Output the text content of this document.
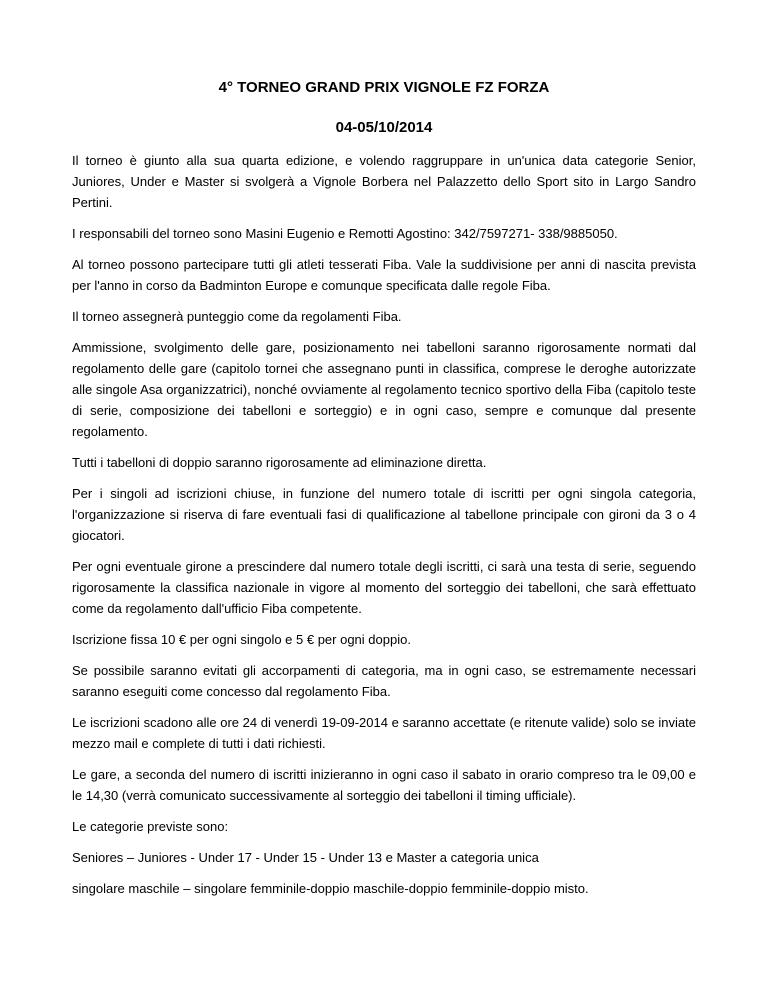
4° TORNEO GRAND PRIX VIGNOLE FZ FORZA
04-05/10/2014

Il torneo è giunto alla sua quarta edizione, e volendo raggruppare in un'unica data categorie Senior, Juniores, Under e Master si svolgerà a Vignole Borbera nel Palazzetto dello Sport sito in Largo Sandro Pertini.

I responsabili del torneo sono Masini Eugenio e Remotti Agostino: 342/7597271- 338/9885050.

Al torneo possono partecipare tutti gli atleti tesserati Fiba. Vale la suddivisione per anni di nascita prevista per l'anno in corso da Badminton Europe e comunque specificata dalle regole Fiba.

Il torneo assegnerà punteggio come da regolamenti Fiba.

Ammissione, svolgimento delle gare, posizionamento nei tabelloni saranno rigorosamente normati dal regolamento delle gare (capitolo tornei che assegnano punti in classifica, comprese le deroghe autorizzate alle singole Asa organizzatrici), nonché ovviamente al regolamento tecnico sportivo della Fiba (capitolo teste di serie, composizione dei tabelloni e sorteggio) e in ogni caso, sempre e comunque dal presente regolamento.

Tutti i tabelloni di doppio saranno rigorosamente ad eliminazione diretta.

Per i singoli ad iscrizioni chiuse, in funzione del numero totale di iscritti per ogni singola categoria, l'organizzazione si riserva di fare eventuali fasi di qualificazione al tabellone principale con gironi da 3 o 4 giocatori.

Per ogni eventuale girone a prescindere dal numero totale degli iscritti, ci sarà una testa di serie, seguendo rigorosamente la classifica nazionale in vigore al momento del sorteggio dei tabelloni, che sarà effettuato come da regolamento dall'ufficio Fiba competente.

Iscrizione fissa 10 € per ogni singolo e 5 € per ogni doppio.

Se possibile saranno evitati gli accorpamenti di categoria, ma in ogni caso, se estremamente necessari saranno eseguiti come concesso dal regolamento Fiba.

Le iscrizioni scadono alle ore 24 di venerdì 19-09-2014 e saranno accettate (e ritenute valide) solo se inviate mezzo mail e complete di tutti i dati richiesti.

Le gare, a seconda del numero di iscritti inizieranno in ogni caso il sabato in orario compreso tra le 09,00 e le 14,30 (verrà comunicato successivamente al sorteggio dei tabelloni il timing ufficiale).

Le categorie previste sono:

Seniores – Juniores - Under 17 - Under 15 - Under 13 e Master a categoria unica

singolare maschile – singolare femminile-doppio maschile-doppio femminile-doppio misto.
